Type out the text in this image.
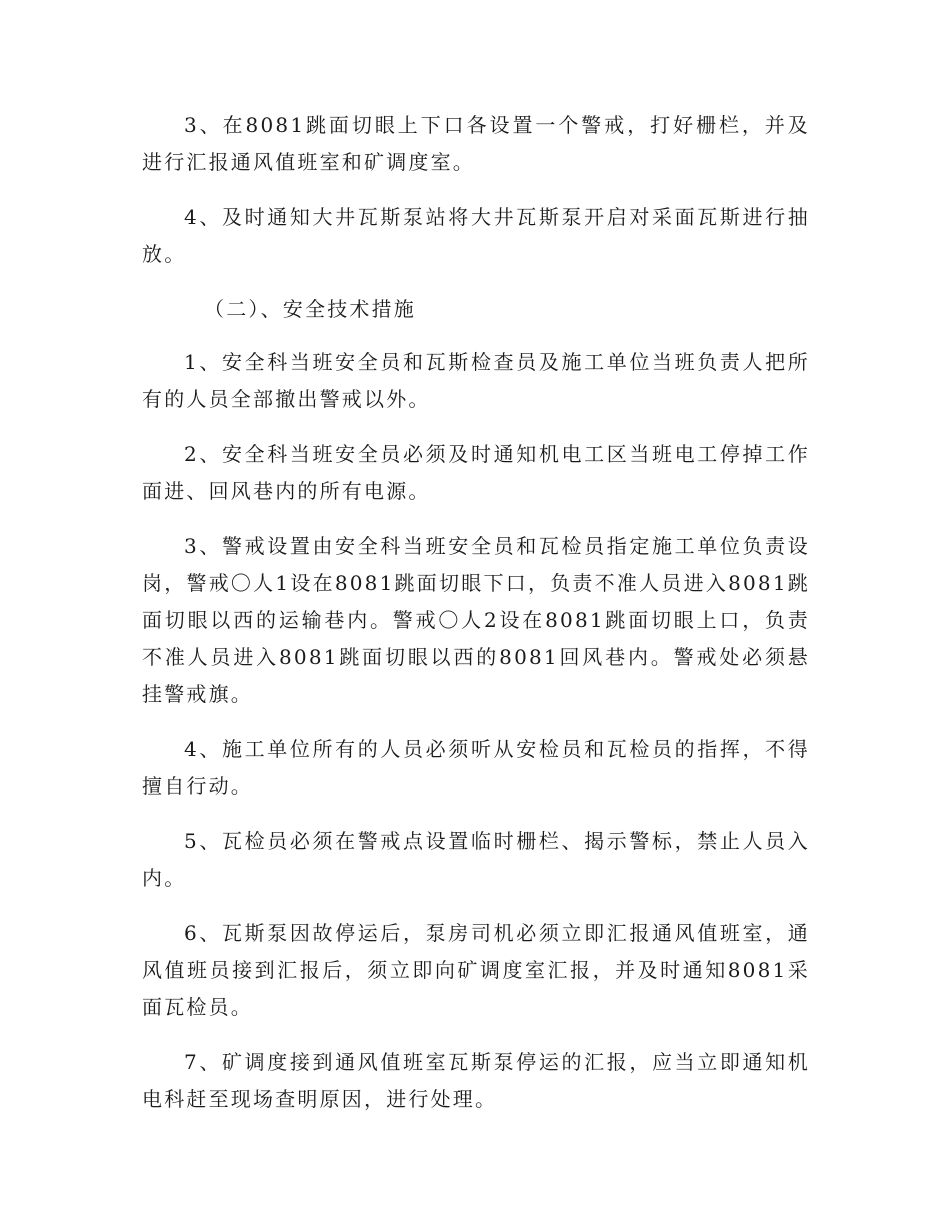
3、在8081跳面切眼上下口各设置一个警戒，打好栅栏，并及进行汇报通风值班室和矿调度室。

4、及时通知大井瓦斯泵站将大井瓦斯泵开启对采面瓦斯进行抽放。

（二）、安全技术措施

1、安全科当班安全员和瓦斯检查员及施工单位当班负责人把所有的人员全部撤出警戒以外。

2、安全科当班安全员必须及时通知机电工区当班电工停掉工作面进、回风巷内的所有电源。

3、警戒设置由安全科当班安全员和瓦检员指定施工单位负责设岗，警戒〇人1设在8081跳面切眼下口，负责不准人员进入8081跳面切眼以西的运输巷内。警戒〇人2设在8081跳面切眼上口，负责不准人员进入8081跳面切眼以西的8081回风巷内。警戒处必须悬挂警戒旗。

4、施工单位所有的人员必须听从安检员和瓦检员的指挥，不得擅自行动。

5、瓦检员必须在警戒点设置临时栅栏、揭示警标，禁止人员入内。

6、瓦斯泵因故停运后，泵房司机必须立即汇报通风值班室，通风值班员接到汇报后，须立即向矿调度室汇报，并及时通知8081采面瓦检员。

7、矿调度接到通风值班室瓦斯泵停运的汇报，应当立即通知机电科赶至现场查明原因，进行处理。
